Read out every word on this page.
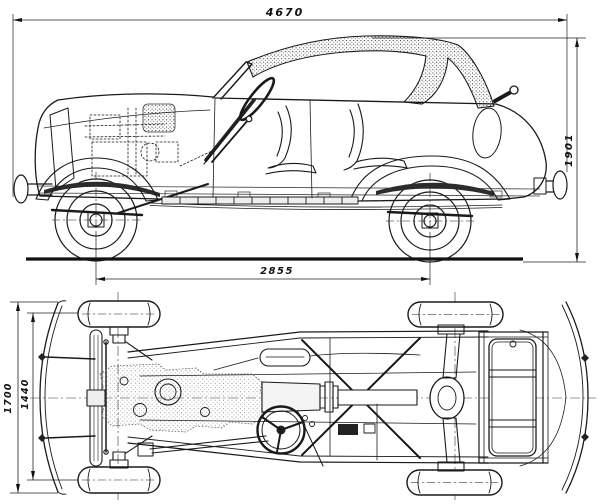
4670
1901
2855
1700 1440
